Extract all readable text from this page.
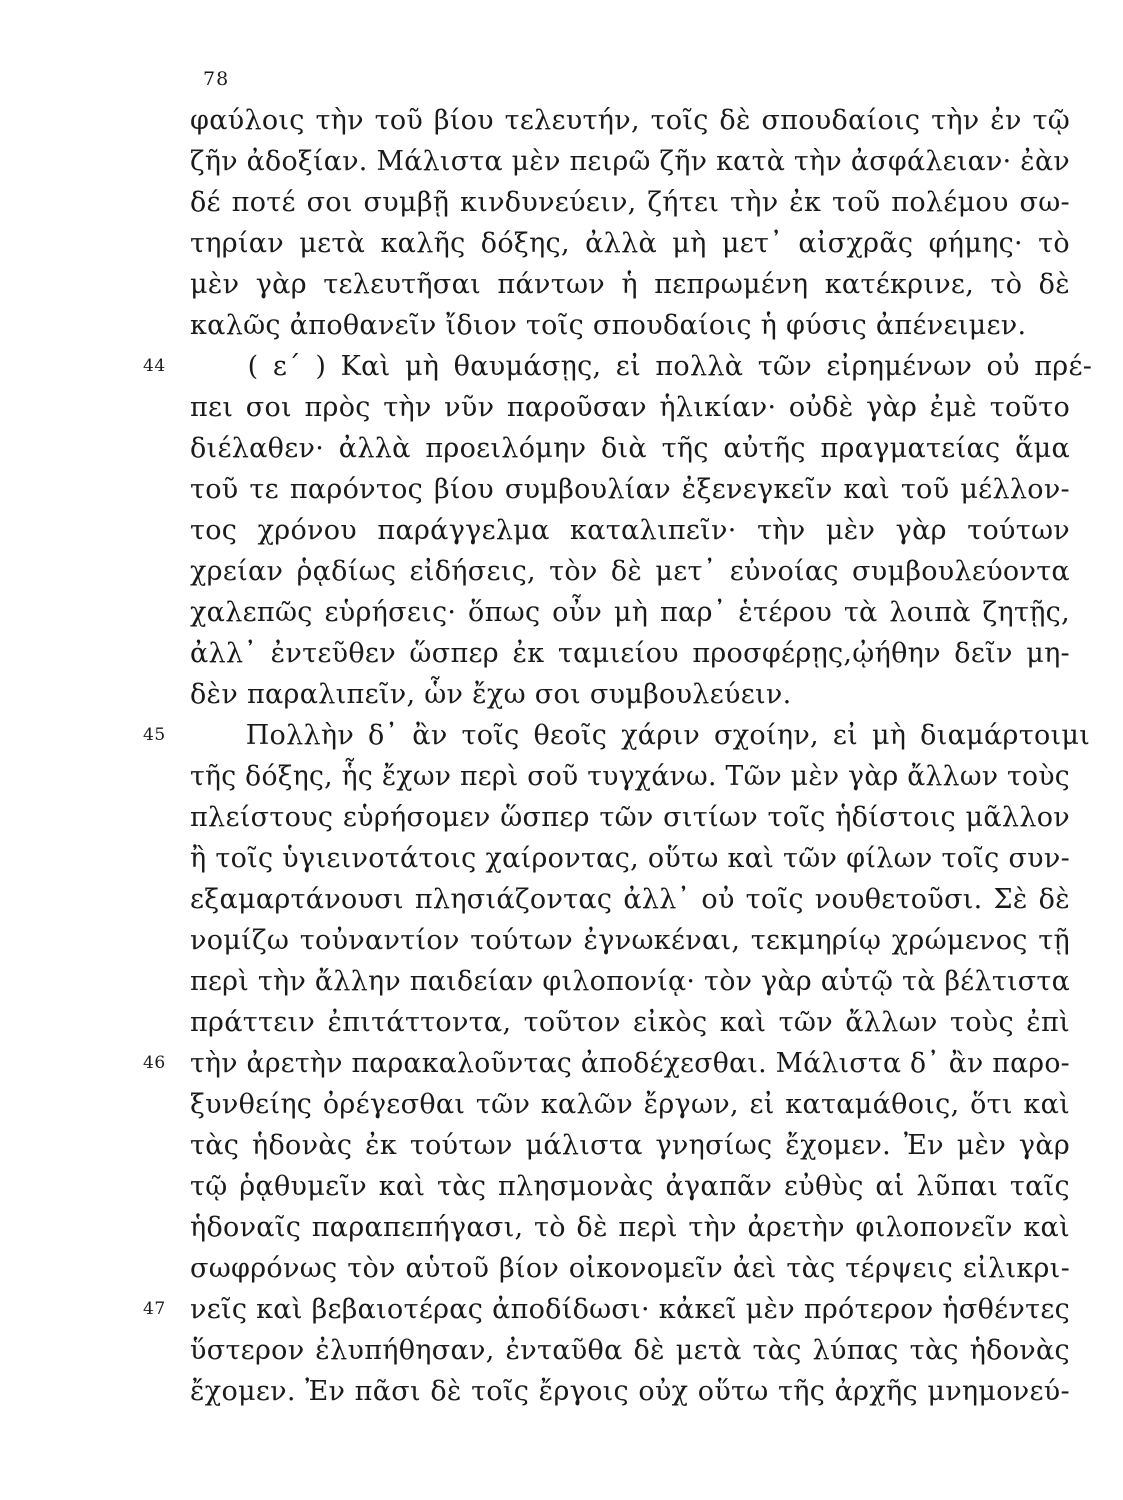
78
φαύλοις τὴν τοῦ βίου τελευτήν, τοῖς δὲ σπουδαίοις τὴν ἐν τῷ
ζῆν ἀδοξίαν. Μάλιστα μὲν πειρῶ ζῆν κατὰ τὴν ἀσφάλειαν· ἐὰν
δέ ποτέ σοι συμβῇ κινδυνεύειν, ζήτει τὴν ἐκ τοῦ πολέμου σω-
τηρίαν μετὰ καλῆς δόξης, ἀλλὰ μὴ μετ᾽ αἰσχρᾶς φήμης· τὸ
μὲν γὰρ τελευτῆσαι πάντων ἡ πεπρωμένη κατέκρινε, τὸ δὲ
καλῶς ἀποθανεῖν ἴδιον τοῖς σπουδαίοις ἡ φύσις ἀπένειμεν.
44 ( ε´ ) Καὶ μὴ θαυμάσῃς, εἰ πολλὰ τῶν εἰρημένων οὐ πρέ-
πει σοι πρὸς τὴν νῦν παροῦσαν ἡλικίαν· οὐδὲ γὰρ ἐμὲ τοῦτο
διέλαθεν· ἀλλὰ προειλόμην διὰ τῆς αὐτῆς πραγματείας ἅμα
τοῦ τε παρόντος βίου συμβουλίαν ἐξενεγκεῖν καὶ τοῦ μέλλον-
τος χρόνου παράγγελμα καταλιπεῖν· τὴν μὲν γὰρ τούτων
χρείαν ῥᾳδίως εἰδήσεις, τὸν δὲ μετ᾽ εὐνοίας συμβουλεύοντα
χαλεπῶς εὑρήσεις· ὅπως οὖν μὴ παρ᾽ ἑτέρου τὰ λοιπὰ ζητῇς,
ἀλλ᾽ ἐντεῦθεν ὥσπερ ἐκ ταμιείου προσφέρῃς,ᾠήθην δεῖν μη-
δὲν παραλιπεῖν, ὧν ἔχω σοι συμβουλεύειν.
45 Πολλὴν δ᾽ ἂν τοῖς θεοῖς χάριν σχοίην, εἰ μὴ διαμάρτοιμι
τῆς δόξης, ἧς ἔχων περὶ σοῦ τυγχάνω. Τῶν μὲν γὰρ ἄλλων τοὺς
πλείστους εὑρήσομεν ὥσπερ τῶν σιτίων τοῖς ἡδίστοις μᾶλλον
ἢ τοῖς ὑγιεινοτάτοις χαίροντας, οὕτω καὶ τῶν φίλων τοῖς συν-
εξαμαρτάνουσι πλησιάζοντας ἀλλ᾽ οὐ τοῖς νουθετοῦσι. Σὲ δὲ
νομίζω τοὐναντίον τούτων ἐγνωκέναι, τεκμηρίῳ χρώμενος τῇ
περὶ τὴν ἄλλην παιδείαν φιλοπονίᾳ· τὸν γὰρ αὑτῷ τὰ βέλτιστα
πράττειν ἐπιτάττοντα, τοῦτον εἰκὸς καὶ τῶν ἄλλων τοὺς ἐπὶ
46 τὴν ἀρετὴν παρακαλοῦντας ἀποδέχεσθαι. Μάλιστα δ᾽ ἂν παρο-
ξυνθείης ὀρέγεσθαι τῶν καλῶν ἔργων, εἰ καταμάθοις, ὅτι καὶ
τὰς ἡδονὰς ἐκ τούτων μάλιστα γνησίως ἔχομεν. Ἐν μὲν γὰρ
τῷ ῥᾳθυμεῖν καὶ τὰς πλησμονὰς ἀγαπᾶν εὐθὺς αἱ λῦπαι ταῖς
ἡδοναῖς παραπεπήγασι, τὸ δὲ περὶ τὴν ἀρετὴν φιλοπονεῖν καὶ
σωφρόνως τὸν αὑτοῦ βίον οἰκονομεῖν ἀεὶ τὰς τέρψεις εἰλικρι-
47 νεῖς καὶ βεβαιοτέρας ἀποδίδωσι· κἀκεῖ μὲν πρότερον ἡσθέντες
ὕστερον ἐλυπήθησαν, ἐνταῦθα δὲ μετὰ τὰς λύπας τὰς ἡδονὰς
ἔχομεν. Ἐν πᾶσι δὲ τοῖς ἔργοις οὐχ οὕτω τῆς ἀρχῆς μνημονεύ-
